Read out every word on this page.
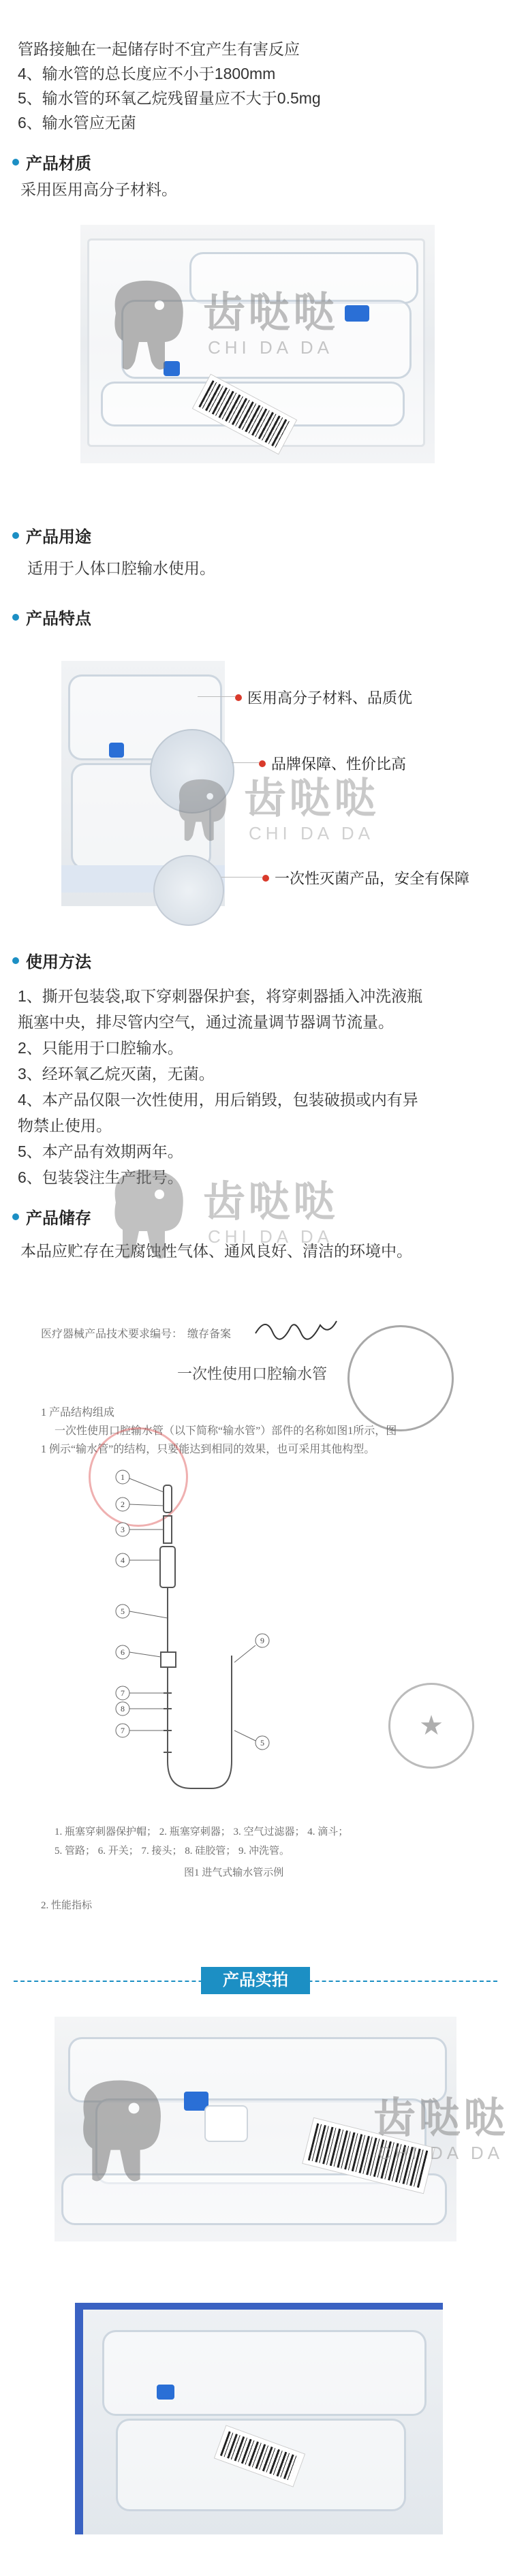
管路接触在一起储存时不宜产生有害反应
4、输水管的总长度应不小于1800mm
5、输水管的环氧乙烷残留量应不大于0.5mg
6、输水管应无菌
产品材质
采用医用高分子材料。
齿哒哒
CHI DA DA
产品用途
适用于人体口腔输水使用。
产品特点
医用高分子材料、品质优
品牌保障、性价比高
一次性灭菌产品，安全有保障
齿哒哒
CHI DA DA
使用方法
1、撕开包装袋,取下穿刺器保护套，将穿刺器插入冲洗液瓶
瓶塞中央，排尽管内空气，通过流量调节器调节流量。
2、只能用于口腔输水。
3、经环氧乙烷灭菌，无菌。
4、本产品仅限一次性使用，用后销毁，包装破损或内有异
物禁止使用。
5、本产品有效期两年。
6、包装袋注生产批号。
产品储存
本品应贮存在无腐蚀性气体、通风良好、清洁的环境中。
齿哒哒
CHI DA DA
医疗器械产品技术要求编号： 缴存备案
一次性使用口腔输水管
1 产品结构组成
一次性使用口腔输水管（以下简称“输水管”）部件的名称如图1所示，图
1 例示“输水管”的结构，只要能达到相同的效果，也可采用其他构型。
1
2
3
4
5
6
7
8
7
9
5
★
1. 瓶塞穿刺器保护帽； 2. 瓶塞穿刺器； 3. 空气过滤器； 4. 滴斗；
5. 管路； 6. 开关； 7. 接头； 8. 硅胶管； 9. 冲洗管。
图1 进气式输水管示例
2. 性能指标
产品实拍
齿哒哒
CHI DA DA
